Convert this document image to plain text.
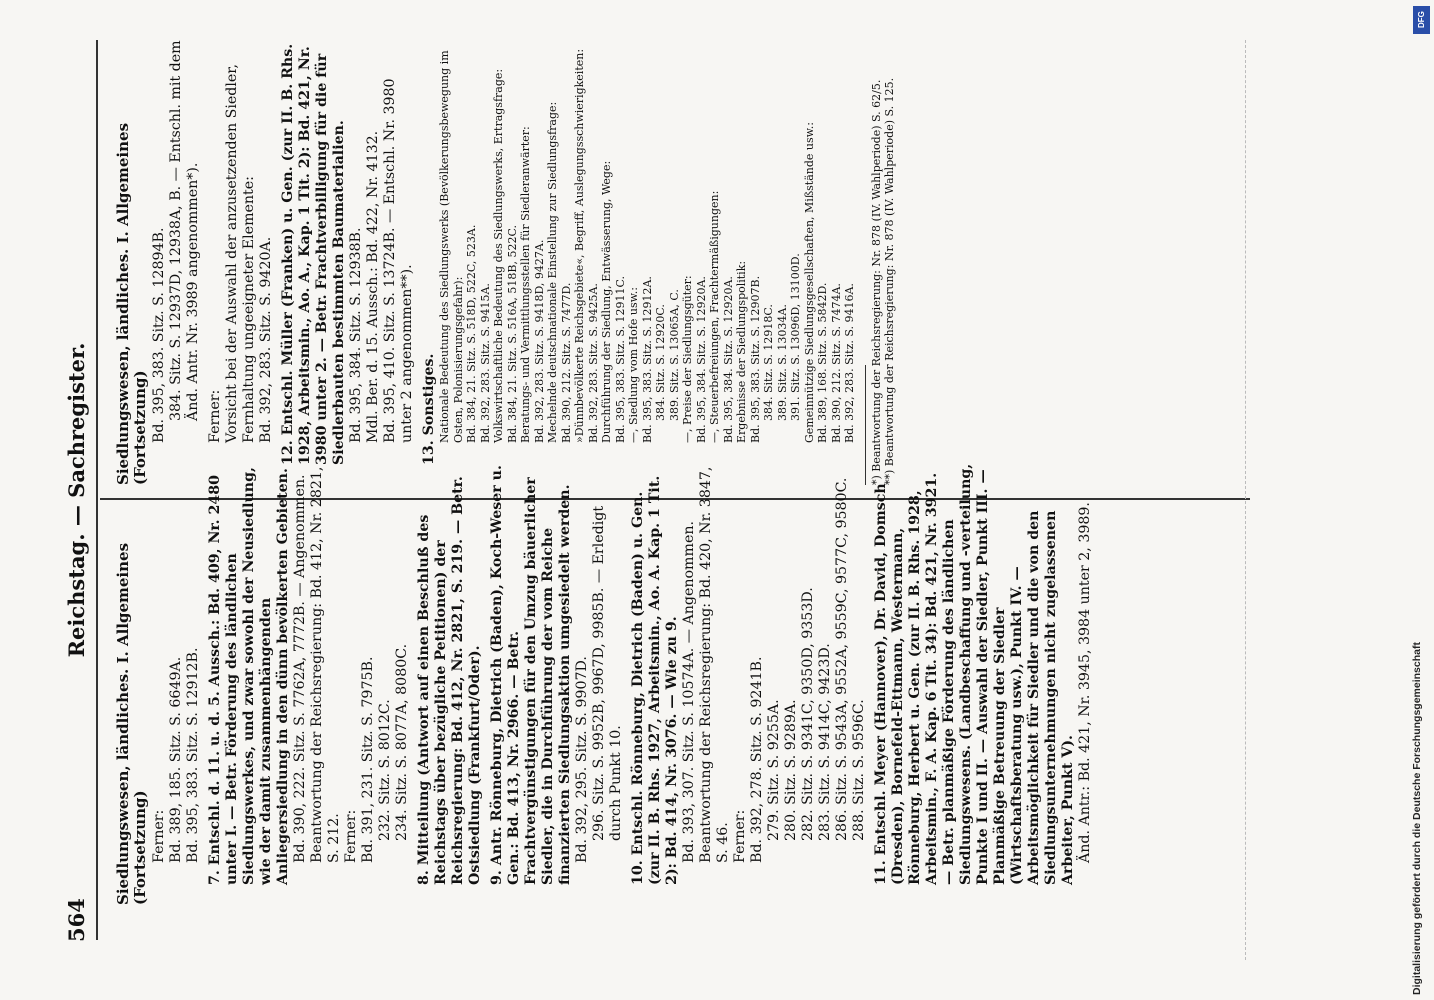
564
Reichstag. — Sachregister.

Siedlungswesen, ländliches. I. Allgemeines (Fortsetzung) Ferner: Bd. 389, 185. Sitz. S. 6649A. Bd. 395, 383. Sitz. S. 12912B. 7. Entschl. d. 11. u. d. 5. Aussch.: Bd. 409, Nr. 2480 unter I. — Betr. Förderung des ländlichen Siedlungswerkes, und zwar sowohl der Neusiedlung, wie der damit zusammenhängenden Anliegersiedlung in den dünn bevölkerten Gebieten. Bd. 390, 222. Sitz. S. 7762A, 7772B. — Angenommen. Beantwortung der Reichsregierung: Bd. 412, Nr. 2821, S. 212. Ferner: Bd. 391, 231. Sitz. S. 7975B. 232. Sitz. S. 8012C. 234. Sitz. S. 8077A, 8080C. 8. Mitteilung (Antwort auf einen Beschluß des Reichstags über bezügliche Petitionen) der Reichsregierung: Bd. 412, Nr. 2821, S. 219. — Betr. Ostsiedlung (Frankfurt/Oder). 9. Antr. Rönneburg, Dietrich (Baden), Koch-Weser u. Gen.: Bd. 413, Nr. 2966. — Betr. Frachtvergünstigungen für den Umzug bäuerlicher Siedler, die in Durchführung der vom Reiche finanzierten Siedlungsaktion umgesiedelt werden. Bd. 392, 295. Sitz. S. 9907D. 296. Sitz. S. 9952B, 9967D, 9985B. — Erledigt durch Punkt 10. 10. Entschl. Rönneburg, Dietrich (Baden) u. Gen. (zur II. B. Rhs. 1927, Arbeitsmin., Ao. A. Kap. 1 Tit. 2): Bd. 414, Nr. 3076. — Wie zu 9. Bd. 393, 307. Sitz. S. 10574A. — Angenommen. Beantwortung der Reichsregierung: Bd. 420, Nr. 3847, S. 46. Ferner: Bd. 392, 278. Sitz. S. 9241B. 279. Sitz. S. 9255A. 280. Sitz. S. 9289A. 282. Sitz. S. 9341C, 9350D, 9353D. 283. Sitz. S. 9414C, 9423D. 286. Sitz. S. 9543A, 9552A, 9559C, 9577C, 9580C. 288. Sitz. S. 9596C. 11. Entschl. Meyer (Hannover), Dr. David, Domsch (Dresden), Bornefeld-Ettmann, Westermann, Rönneburg, Herbert u. Gen. (zur II. B. Rhs. 1928, Arbeitsmin., F. A. Kap. 6 Tit. 34): Bd. 421, Nr. 3921. — Betr. planmäßige Förderung des ländlichen Siedlungswesens. (Landbeschaffung und -verteilung, Punkte I und II. — Auswahl der Siedler, Punkt III. — Planmäßige Betreuung der Siedler (Wirtschaftsberatung usw.), Punkt IV. — Arbeitsmöglichkeit für Siedler und die von den Siedlungsunternehmungen nicht zugelassenen Arbeiter, Punkt V). Änd. Antr.: Bd. 421, Nr. 3945, 3984 unter 2, 3989.

Siedlungswesen, ländliches. I. Allgemeines (Fortsetzung) Bd. 395, 383. Sitz. S. 12894B. 384. Sitz. S. 12937D, 12938A, B. — Entschl. mit dem Änd. Antr. Nr. 3989 angenommen*). Ferner: Vorsicht bei der Auswahl der anzusetzenden Siedler, Fernhaltung ungeeigneter Elemente: Bd. 392, 283. Sitz. S. 9420A. 12. Entschl. Müller (Franken) u. Gen. (zur II. B. Rhs. 1928, Arbeitsmin., Ao. A., Kap. 1 Tit. 2): Bd. 421, Nr. 3980 unter 2. — Betr. Frachtverbilligung für die für Siedlerbauten bestimmten Baumaterialien. Bd. 395, 384. Sitz. S. 12938B. Mdl. Ber. d. 15. Aussch.: Bd. 422, Nr. 4132. Bd. 395, 410. Sitz. S. 13724B. — Entschl. Nr. 3980 unter 2 angenommen**). 13. Sonstiges. Nationale Bedeutung des Siedlungswerks (Bevölkerungsbewegung im Osten, Polonisierungsgefahr): Bd. 384, 21. Sitz. S. 518D, 522C, 523A. Bd. 392, 283. Sitz. S. 9415A. Volkswirtschaftliche Bedeutung des Siedlungswerks, Ertragsfrage: Bd. 384, 21. Sitz. S. 516A, 518B, 522C. Beratungs- und Vermittlungsstellen für Siedleranwärter: Bd. 392, 283. Sitz. S. 9418D, 9427A. Mechelnde deutschnationale Einstellung zur Siedlungsfrage: Bd. 390, 212. Sitz. S. 7477D. »Dünnbevölkerte Reichsgebiete«, Begriff, Auslegungsschwierigkeiten: Bd. 392, 283. Sitz. S. 9425A. Durchführung der Siedlung, Entwässerung, Wege: Bd. 395, 383. Sitz. S. 12911C. —, Siedlung vom Hofe usw.: Bd. 395, 383. Sitz. S. 12912A. 384. Sitz. S. 12920C. 389. Sitz. S. 13065A, C. —, Preise der Siedlungsgüter: Bd. 395, 384. Sitz. S. 12920A. —, Steuerbefreiungen, Frachtermäßigungen: Bd. 395, 384. Sitz. S. 12920A. Ergebnisse der Siedlungspolitik: Bd. 395, 383. Sitz. S. 12907B. 384. Sitz. S. 12918C. 389. Sitz. S. 13034A. 391. Sitz. S. 13096D, 13100D. Gemeinnützige Siedlungsgesellschaften, Mißstände usw.: Bd. 389, 168. Sitz. S. 5842D. Bd. 390, 212. Sitz. S. 7474A. Bd. 392, 283. Sitz. S. 9416A. *) Beantwortung der Reichsregierung: Nr. 878 (IV. Wahlperiode) S. 62/5. **) Beantwortung der Reichsregierung: Nr. 878 (IV. Wahlperiode) S. 125.

DFG
Digitalisierung gefördert durch die Deutsche Forschungsgemeinschaft
